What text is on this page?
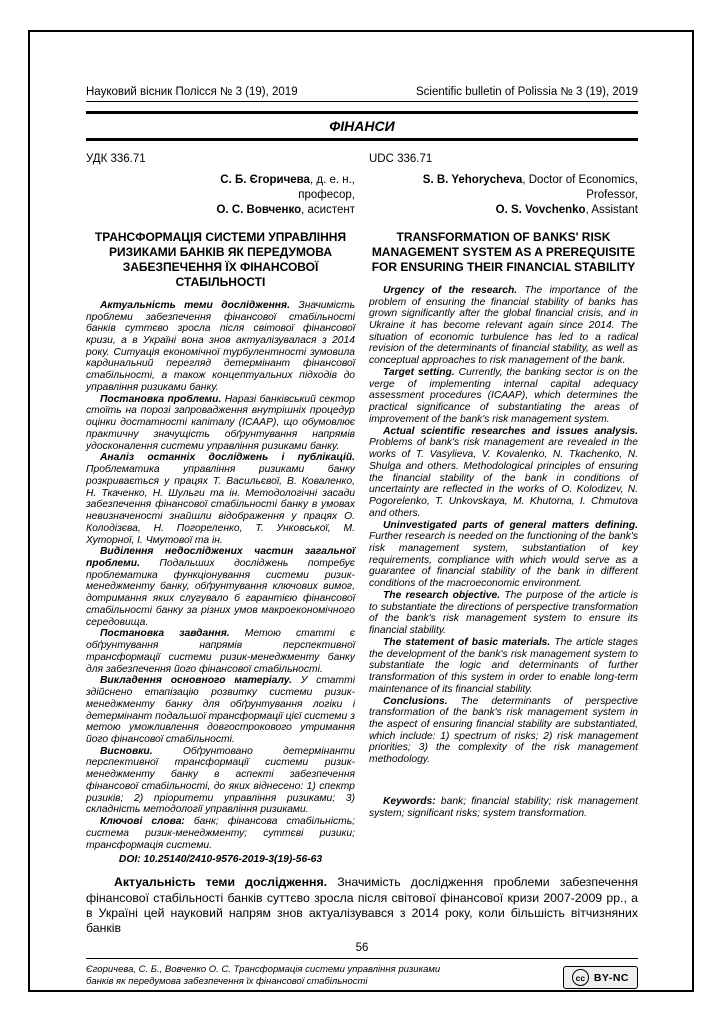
Науковий вісник Полісся № 3 (19), 2019	Scientific bulletin of Polissia № 3 (19), 2019
ФІНАНСИ
УДК 336.71	UDC 336.71
С. Б. Єгоричева, д. е. н.,
професор,
О. С. Вовченко, асистент
ТРАНСФОРМАЦІЯ СИСТЕМИ УПРАВЛІННЯ РИЗИКАМИ БАНКІВ ЯК ПЕРЕДУМОВА ЗАБЕЗПЕЧЕННЯ ЇХ ФІНАНСОВОЇ СТАБІЛЬНОСТІ

Актуальність теми дослідження. Значимість проблеми забезпечення фінансової стабільності банків суттєво зросла після світової фінансової кризи, а в Україні вона знов актуалізувалася з 2014 року. Ситуація економічної турбулентності зумовила кардинальний перегляд детермінант фінансової стабільності, а також концептуальних підходів до управління ризиками банку.

Постановка проблеми. Наразі банківський сектор стоїть на порозі запровадження внутрішніх процедур оцінки достатності капіталу (ICAAP), що обумовлює практичну значущість обґрунтування напрямів удосконалення системи управління ризиками банку.

Аналіз останніх досліджень і публікацій. Проблематика управління ризиками банку розкривається у працях Т. Васильєвої, В. Коваленко, Н. Ткаченко, Н. Шульги та ін. Методологічні засади забезпечення фінансової стабільності банку в умовах невизначеності знайшли відображення у працях О. Колодізєва, Н. Погореленко, Т. Унковської, М. Хуторної, І. Чмутової та ін.

Виділення недосліджених частин загальної проблеми. Подальших досліджень потребує проблематика функціонування системи ризик-менеджменту банку, обґрунтування ключових вимог, дотримання яких слугувало б гарантією фінансової стабільності банку за різних умов макроекономічного середовища.

Постановка завдання. Метою статті є обґрунтування напрямів перспективної трансформації системи ризик-менеджменту банку для забезпечення його фінансової стабільності.

Викладення основного матеріалу. У статті здійснено етапізацію розвитку системи ризик-менеджменту банку для обґрунтування логіки і детермінант подальшої трансформації цієї системи з метою уможливлення довгострокового утримання його фінансової стабільності.

Висновки.	Обґрунтовано детермінанти перспективної трансформації системи ризик-менеджменту банку в аспекті забезпечення фінансової стабільності, до яких віднесено: 1) спектр ризиків; 2) пріоритети управління ризиками; 3) складність методології управління ризиками.

Ключові слова: банк; фінансова стабільність; система ризик-менеджменту; суттєві ризики; трансформація системи.

DOI: 10.25140/2410-9576-2019-3(19)-56-63

S. B. Yehorycheva, Doctor of Economics,
Professor,
O. S. Vovchenko, Assistant
TRANSFORMATION OF BANKS' RISK MANAGEMENT SYSTEM AS A PREREQUISITE FOR ENSURING THEIR FINANCIAL STABILITY

Urgency of the research. The importance of the problem of ensuring the financial stability of banks has grown significantly after the global financial crisis, and in Ukraine it has become relevant again since 2014. The situation of economic turbulence has led to a radical revision of the determinants of financial stability, as well as conceptual approaches to risk management of the bank.

Target setting. Currently, the banking sector is on the verge of implementing internal capital adequacy assessment procedures (ICAAP), which determines the practical significance of substantiating the areas of improvement of the bank's risk management system.

Actual scientific researches and issues analysis. Problems of bank's risk management are revealed in the works of T. Vasylieva, V. Kovalenko, N. Tkachenko, N. Shulga and others. Methodological principles of ensuring the financial stability of the bank in conditions of uncertainty are reflected in the works of O. Kolodizev, N. Pogorelenko, T. Unkovskaya, M. Khutorna, I. Chmutova and others.

Uninvestigated parts of general matters defining. Further research is needed on the functioning of the bank's risk management system, substantiation of key requirements, compliance with which would serve as a guarantee of financial stability of the bank in different conditions of the macroeconomic environment.

The research objective. The purpose of the article is to substantiate the directions of perspective transformation of the bank's risk management system to ensure its financial stability.

The statement of basic materials. The article stages the development of the bank's risk management system to substantiate the logic and determinants of further transformation of this system in order to enable long-term maintenance of its financial stability.

Conclusions. The determinants of perspective transformation of the bank's risk management system in the aspect of ensuring financial stability are substantiated, which include: 1) spectrum of risks; 2) risk management priorities; 3) the complexity of the risk management methodology.

Keywords: bank; financial stability; risk management system; significant risks; system transformation.

Актуальність теми дослідження. Значимість дослідження проблеми забезпечення фінансової стабільності банків суттєво зросла після світової фінансової кризи 2007-2009 рр., а в Україні цей науковий напрям знов актуалізувався з 2014 року, коли більшість вітчизняних банків

56
Єгоричева, С. Б., Вовченко О. С. Трансформація системи управління ризиками банків як передумова забезпечення їх фінансової стабільності	cc BY-NC
